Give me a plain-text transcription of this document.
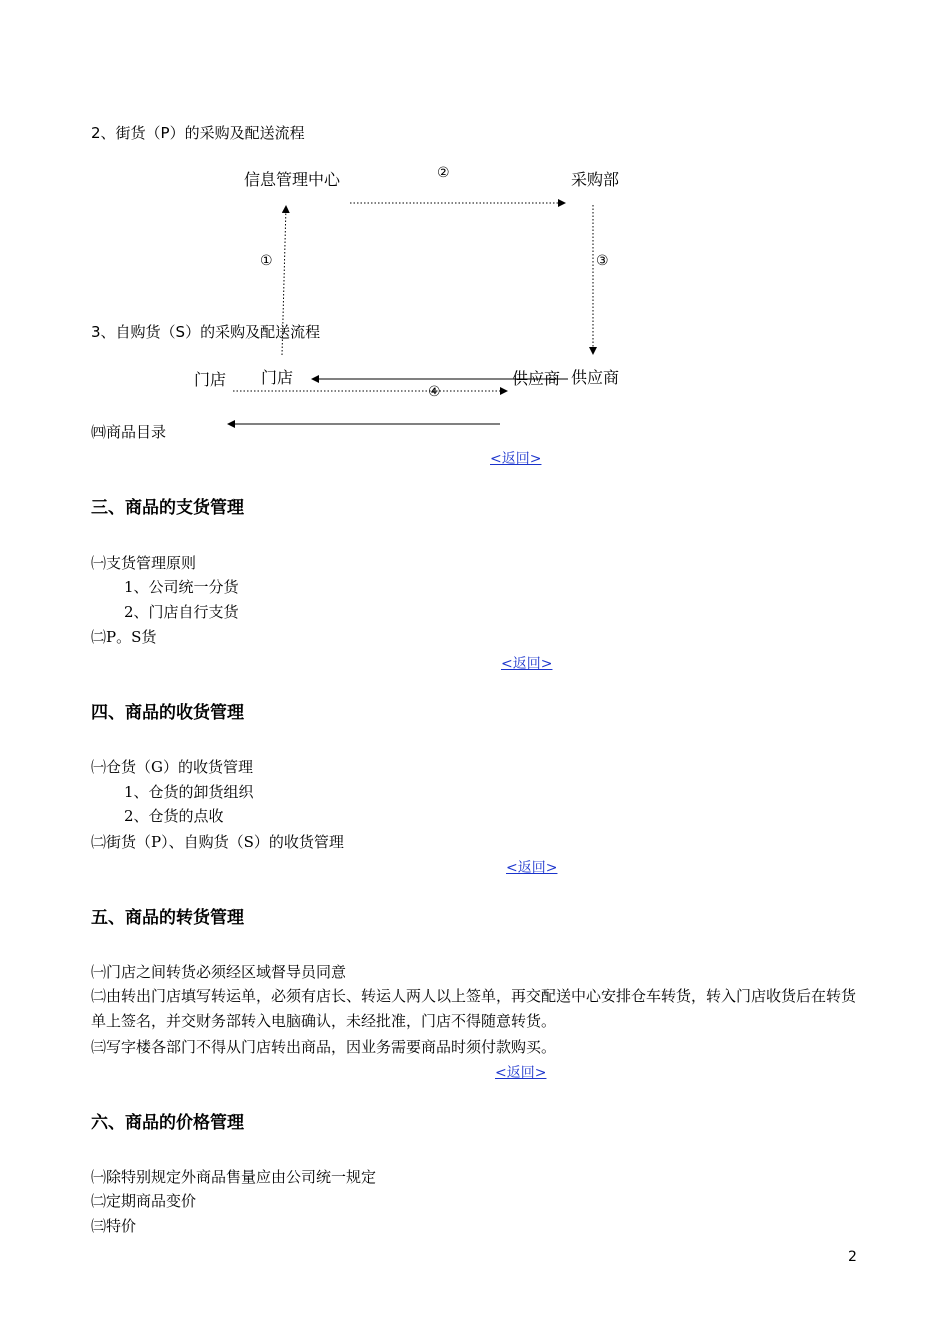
2、街货（P）的采购及配送流程
信息管理中心	采购部
②
①	③
3、自购货（S）的采购及配送流程
门店 门店	供应商 供应商
④
㈣商品目录
<返回>
三、商品的支货管理
㈠支货管理原则
1、公司统一分货
2、门店自行支货
㈡P。S货
<返回>
四、商品的收货管理
㈠仓货（G）的收货管理
1、仓货的卸货组织
2、仓货的点收
㈡街货（P）、自购货（S）的收货管理
<返回>
五、商品的转货管理
㈠门店之间转货必须经区域督导员同意
㈡由转出门店填写转运单，必须有店长、转运人两人以上签单，再交配送中心安排仓车转货，转入门店收货后在转货单上签名，并交财务部转入电脑确认，未经批准，门店不得随意转货。
㈢写字楼各部门不得从门店转出商品，因业务需要商品时须付款购买。
<返回>
六、商品的价格管理
㈠除特别规定外商品售量应由公司统一规定
㈡定期商品变价
㈢特价
2
